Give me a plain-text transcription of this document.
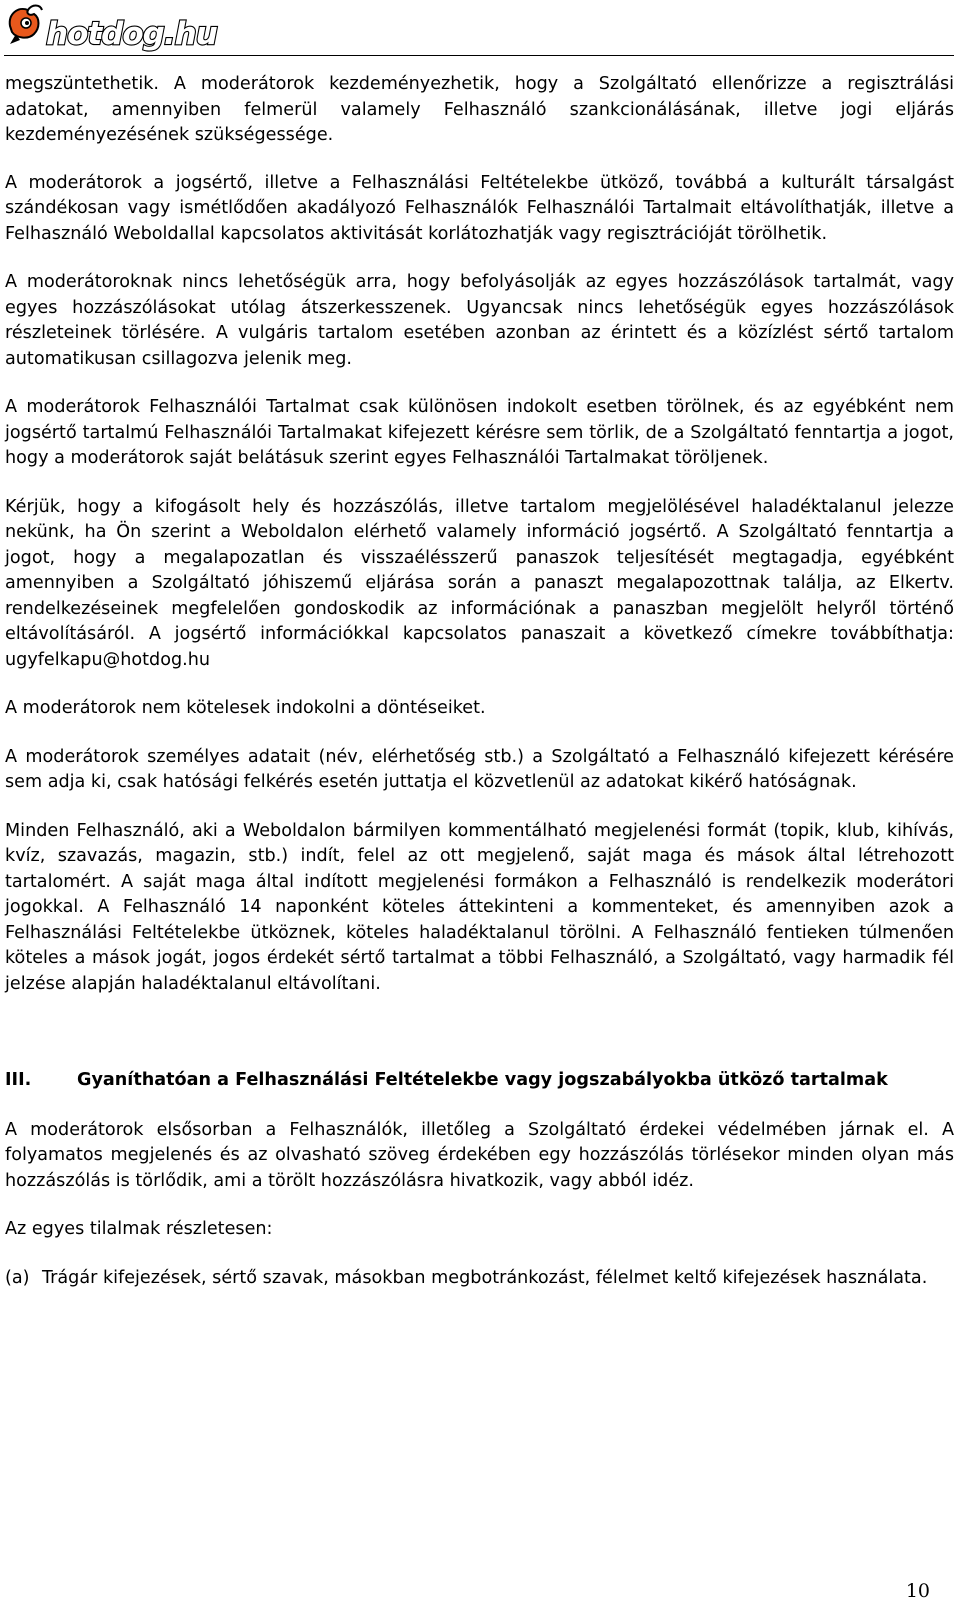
hotdog.hu

megszüntethetik. A moderátorok kezdeményezhetik, hogy a Szolgáltató ellenőrizze a regisztrálási adatokat, amennyiben felmerül valamely Felhasználó szankcionálásának, illetve jogi eljárás kezdeményezésének szükségessége.

A moderátorok a jogsértő, illetve a Felhasználási Feltételekbe ütköző, továbbá a kulturált társalgást szándékosan vagy ismétlődően akadályozó Felhasználók Felhasználói Tartalmait eltávolíthatják, illetve a Felhasználó Weboldallal kapcsolatos aktivitását korlátozhatják vagy regisztrációját törölhetik.

A moderátoroknak nincs lehetőségük arra, hogy befolyásolják az egyes hozzászólások tartalmát, vagy egyes hozzászólásokat utólag átszerkesszenek. Ugyancsak nincs lehetőségük egyes hozzászólások részleteinek törlésére. A vulgáris tartalom esetében azonban az érintett és a közízlést sértő tartalom automatikusan csillagozva jelenik meg.

A moderátorok Felhasználói Tartalmat csak különösen indokolt esetben törölnek, és az egyébként nem jogsértő tartalmú Felhasználói Tartalmakat kifejezett kérésre sem törlik, de a Szolgáltató fenntartja a jogot, hogy a moderátorok saját belátásuk szerint egyes Felhasználói Tartalmakat töröljenek.

Kérjük, hogy a kifogásolt hely és hozzászólás, illetve tartalom megjelölésével haladéktalanul jelezze nekünk, ha Ön szerint a Weboldalon elérhető valamely információ jogsértő. A Szolgáltató fenntartja a jogot, hogy a megalapozatlan és visszaélésszerű panaszok teljesítését megtagadja, egyébként amennyiben a Szolgáltató jóhiszemű eljárása során a panaszt megalapozottnak találja, az Elkertv. rendelkezéseinek megfelelően gondoskodik az információnak a panaszban megjelölt helyről történő eltávolításáról. A jogsértő információkkal kapcsolatos panaszait a következő címekre továbbíthatja: ugyfelkapu@hotdog.hu

A moderátorok nem kötelesek indokolni a döntéseiket.

A moderátorok személyes adatait (név, elérhetőség stb.) a Szolgáltató a Felhasználó kifejezett kérésére sem adja ki, csak hatósági felkérés esetén juttatja el közvetlenül az adatokat kikérő hatóságnak.

Minden Felhasználó, aki a Weboldalon bármilyen kommentálható megjelenési formát (topik, klub, kihívás, kvíz, szavazás, magazin, stb.) indít, felel az ott megjelenő, saját maga és mások által létrehozott tartalomért. A saját maga által indított megjelenési formákon a Felhasználó is rendelkezik moderátori jogokkal. A Felhasználó 14 naponként köteles áttekinteni a kommenteket, és amennyiben azok a Felhasználási Feltételekbe ütköznek, köteles haladéktalanul törölni. A Felhasználó fentieken túlmenően köteles a mások jogát, jogos érdekét sértő tartalmat a többi Felhasználó, a Szolgáltató, vagy harmadik fél jelzése alapján haladéktalanul eltávolítani.

III.	Gyaníthatóan a Felhasználási Feltételekbe vagy jogszabályokba ütköző tartalmak

A moderátorok elsősorban a Felhasználók, illetőleg a Szolgáltató érdekei védelmében járnak el. A folyamatos megjelenés és az olvasható szöveg érdekében egy hozzászólás törlésekor minden olyan más hozzászólás is törlődik, ami a törölt hozzászólásra hivatkozik, vagy abból idéz.

Az egyes tilalmak részletesen:

(a) Trágár kifejezések, sértő szavak, másokban megbotránkozást, félelmet keltő kifejezések használata.
10
